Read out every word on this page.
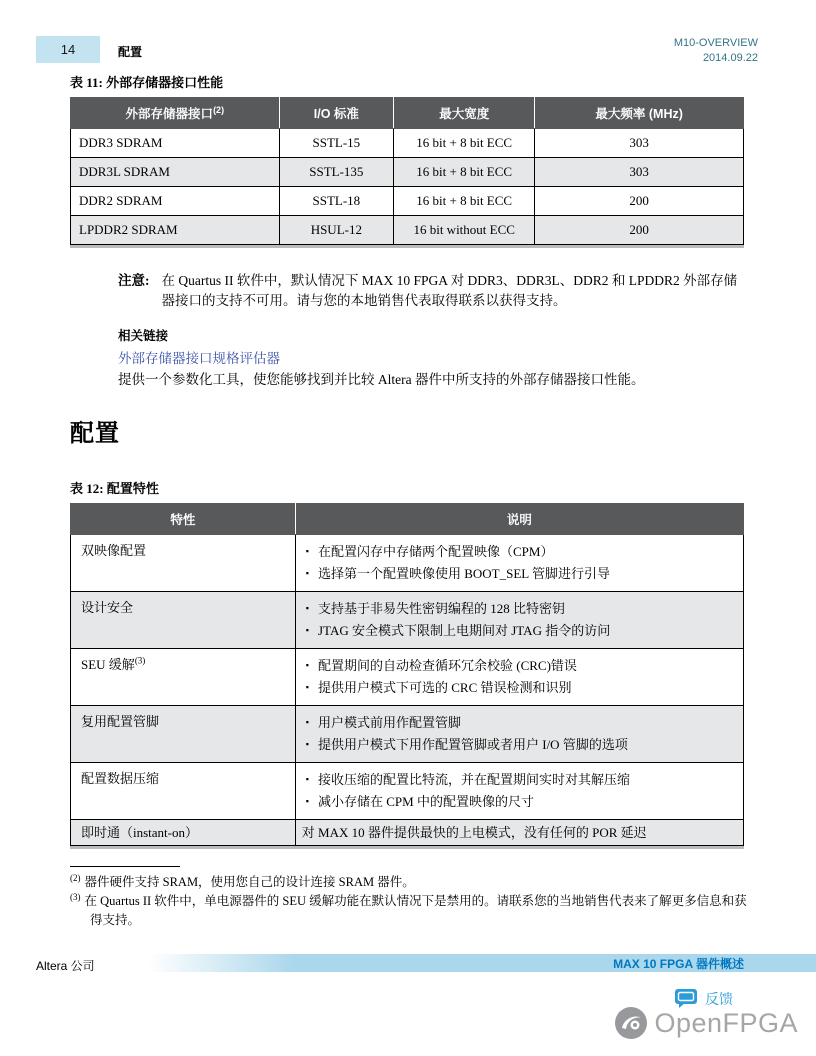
14	配置
M10-OVERVIEW
2014.09.22
表 11: 外部存储器接口性能
外部存储器接口$^{(2)}$	I/O 标准	最大宽度	最大频率 (MHz)
DDR3 SDRAM	SSTL-15	16 bit + 8 bit ECC	303
DDR3L SDRAM	SSTL-135	16 bit + 8 bit ECC	303
DDR2 SDRAM	SSTL-18	16 bit + 8 bit ECC	200
LPDDR2 SDRAM	HSUL-12	16 bit without ECC	200
注意: 在 Quartus II 软件中，默认情况下 MAX 10 FPGA 对 DDR3、DDR3L、DDR2 和 LPDDR2 外部存储器接口的支持不可用。请与您的本地销售代表取得联系以获得支持。
相关链接
外部存储器接口规格评估器
提供一个参数化工具，使您能够找到并比较 Altera 器件中所支持的外部存储器接口性能。
配置
表 12: 配置特性
特性	说明
双映像配置	▪ 在配置闪存中存储两个配置映像（CPM）
▪ 选择第一个配置映像使用 BOOT_SEL 管脚进行引导

设计安全	▪ 支持基于非易失性密钥编程的 128 比特密钥
▪ JTAG 安全模式下限制上电期间对 JTAG 指令的访问

SEU 缓解$^{(3)}$	▪ 配置期间的自动检查循环冗余校验 (CRC)错误
▪ 提供用户模式下可选的 CRC 错误检测和识别

复用配置管脚	▪ 用户模式前用作配置管脚
▪ 提供用户模式下用作配置管脚或者用户 I/O 管脚的选项

配置数据压缩	▪ 接收压缩的配置比特流，并在配置期间实时对其解压缩
▪ 减小存储在 CPM 中的配置映像的尺寸

即时通（instant-on）	对 MAX 10 器件提供最快的上电模式，没有任何的 POR 延迟
$^{(2)}$ 器件硬件支持 SRAM，使用您自己的设计连接 SRAM 器件。
$^{(3)}$ 在 Quartus II 软件中，单电源器件的 SEU 缓解功能在默认情况下是禁用的。请联系您的当地销售代表来了解更多信息和获得支持。
Altera 公司	MAX 10 FPGA 器件概述
反馈
OpenFPGA
